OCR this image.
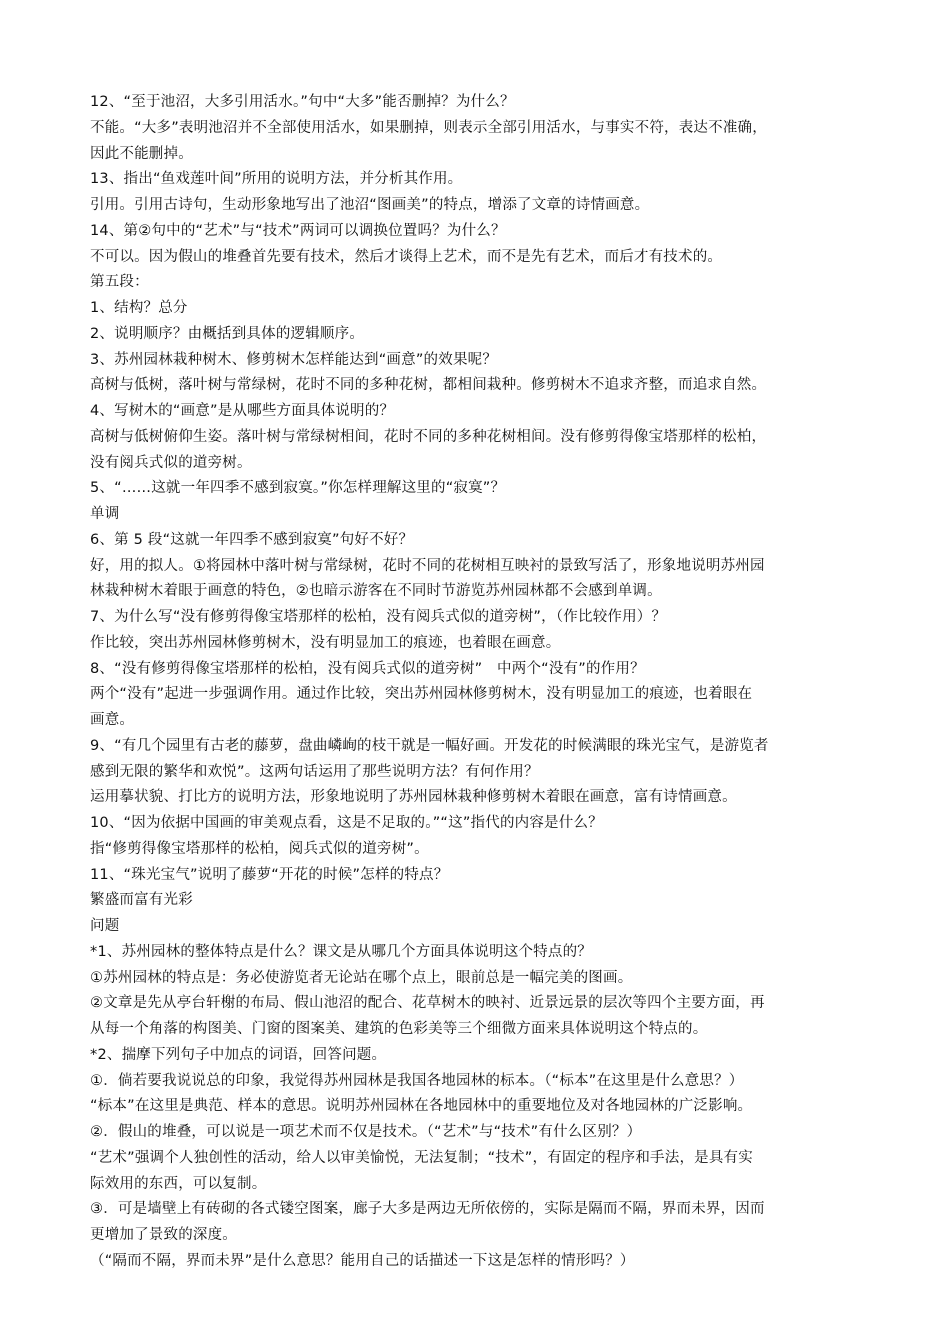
12、“至于池沼，大多引用活水。”句中“大多”能否删掉？为什么？
不能。“大多”表明池沼并不全部使用活水，如果删掉，则表示全部引用活水，与事实不符，表达不准确，
因此不能删掉。
13、指出“鱼戏莲叶间”所用的说明方法，并分析其作用。
引用。引用古诗句，生动形象地写出了池沼“图画美”的特点，增添了文章的诗情画意。
14、第②句中的“艺术”与“技术”两词可以调换位置吗？为什么？
不可以。因为假山的堆叠首先要有技术，然后才谈得上艺术，而不是先有艺术，而后才有技术的。
第五段：
1、结构？总分
2、说明顺序？由概括到具体的逻辑顺序。
3、苏州园林栽种树木、修剪树木怎样能达到“画意”的效果呢？
高树与低树，落叶树与常绿树，花时不同的多种花树，都相间栽种。修剪树木不追求齐整，而追求自然。
4、写树木的“画意”是从哪些方面具体说明的？
高树与低树俯仰生姿。落叶树与常绿树相间，花时不同的多种花树相间。没有修剪得像宝塔那样的松柏，
没有阅兵式似的道旁树。
5、“……这就一年四季不感到寂寞。”你怎样理解这里的“寂寞”？
单调
6、第 5 段“这就一年四季不感到寂寞”句好不好？
好，用的拟人。①将园林中落叶树与常绿树，花时不同的花树相互映衬的景致写活了，形象地说明苏州园
林栽种树木着眼于画意的特色，②也暗示游客在不同时节游览苏州园林都不会感到单调。
7、为什么写“没有修剪得像宝塔那样的松柏，没有阅兵式似的道旁树”，（作比较作用）？
作比较，突出苏州园林修剪树木，没有明显加工的痕迹，也着眼在画意。
8、“没有修剪得像宝塔那样的松柏，没有阅兵式似的道旁树”　中两个“没有”的作用？
两个“没有”起进一步强调作用。通过作比较，突出苏州园林修剪树木，没有明显加工的痕迹，也着眼在
画意。
9、“有几个园里有古老的藤萝，盘曲嶙峋的枝干就是一幅好画。开发花的时候满眼的珠光宝气，是游览者
感到无限的繁华和欢悦”。这两句话运用了那些说明方法？有何作用？
运用摹状貌、打比方的说明方法，形象地说明了苏州园林栽种修剪树木着眼在画意，富有诗情画意。
10、“因为依据中国画的审美观点看，这是不足取的。”“这”指代的内容是什么？
指“修剪得像宝塔那样的松柏，阅兵式似的道旁树”。
11、“珠光宝气”说明了藤萝“开花的时候”怎样的特点？
繁盛而富有光彩
问题
*1、苏州园林的整体特点是什么？课文是从哪几个方面具体说明这个特点的？
①苏州园林的特点是：务必使游览者无论站在哪个点上，眼前总是一幅完美的图画。
②文章是先从亭台轩榭的布局、假山池沼的配合、花草树木的映衬、近景远景的层次等四个主要方面，再
从每一个角落的构图美、门窗的图案美、建筑的色彩美等三个细微方面来具体说明这个特点的。
*2、揣摩下列句子中加点的词语，回答问题。
①．倘若要我说说总的印象，我觉得苏州园林是我国各地园林的标本。（“标本”在这里是什么意思？）
“标本”在这里是典范、样本的意思。说明苏州园林在各地园林中的重要地位及对各地园林的广泛影响。
②．假山的堆叠，可以说是一项艺术而不仅是技术。（“艺术”与“技术”有什么区别？）
“艺术”强调个人独创性的活动，给人以审美愉悦，无法复制；“技术”，有固定的程序和手法，是具有实
际效用的东西，可以复制。
③．可是墙壁上有砖砌的各式镂空图案，廊子大多是两边无所依傍的，实际是隔而不隔，界而未界，因而
更增加了景致的深度。
（“隔而不隔，界而未界”是什么意思？能用自己的话描述一下这是怎样的情形吗？）
